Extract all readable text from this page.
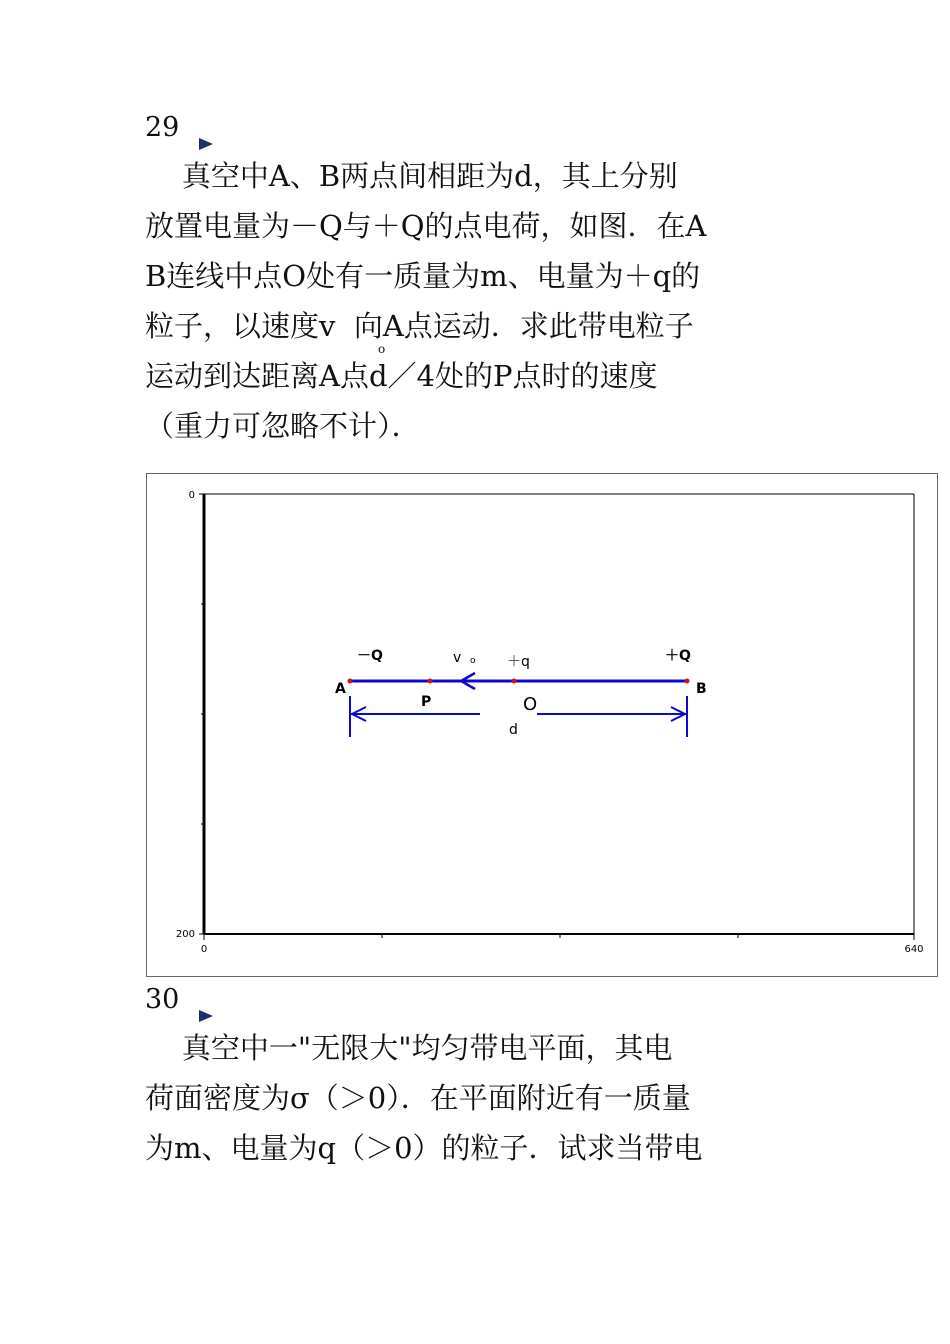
29
真空中A、B两点间相距为d，其上分别
放置电量为－Q与＋Q的点电荷，如图．在A
B连线中点O处有一质量为m、电量为＋q的
粒子，以速度v  向A点运动．求此带电粒子
o
运动到达距离A点d／4处的P点时的速度
（重力可忽略不计）．
0
200
0	640
－Q	v o ＋q	＋Q
A
P	O
B
d
30
真空中一"无限大"均匀带电平面，其电
荷面密度为σ（＞0）．在平面附近有一质量
为m、电量为q（＞0）的粒子．试求当带电
